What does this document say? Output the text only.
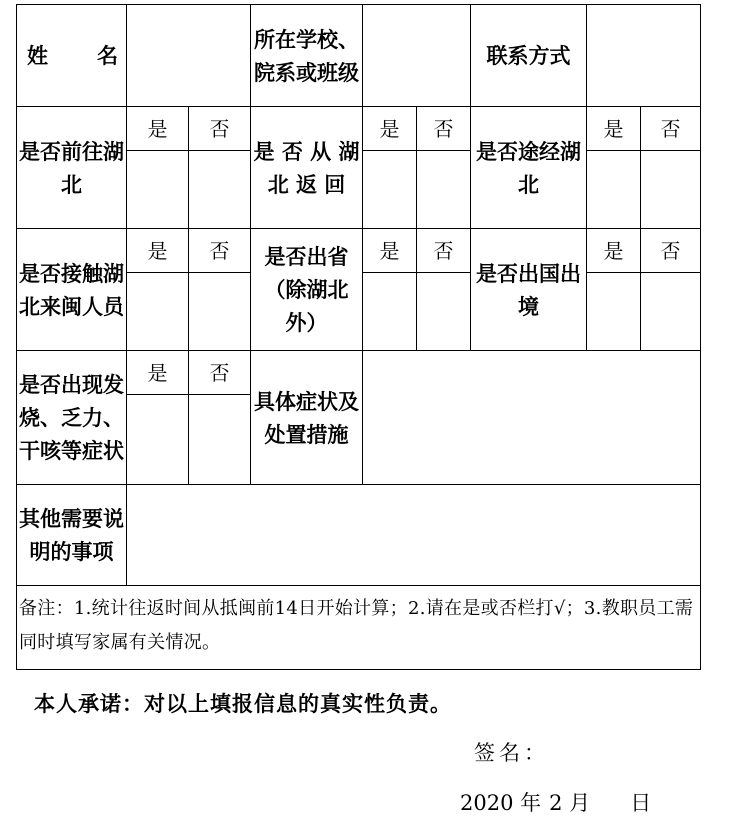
姓 名			所在学校、院系或班级			联系方式		
是否前往湖北	是	否	是 否 从 湖 北 返 回	是	否	是否途经湖北	是	否

是否接触湖北来闽人员	是	否	是否出省（除湖北外）	是	否	是否出国出境	是	否

是否出现发烧、乏力、干咳等症状	是	否	具体症状及处置措施					

其他需要说明的事项								
备注：1.统计往返时间从抵闽前14日开始计算；2.请在是或否栏打√；3.教职员工需同时填写家属有关情况。								
本人承诺：对以上填报信息的真实性负责。
签名：
2020 年 2 月 日
